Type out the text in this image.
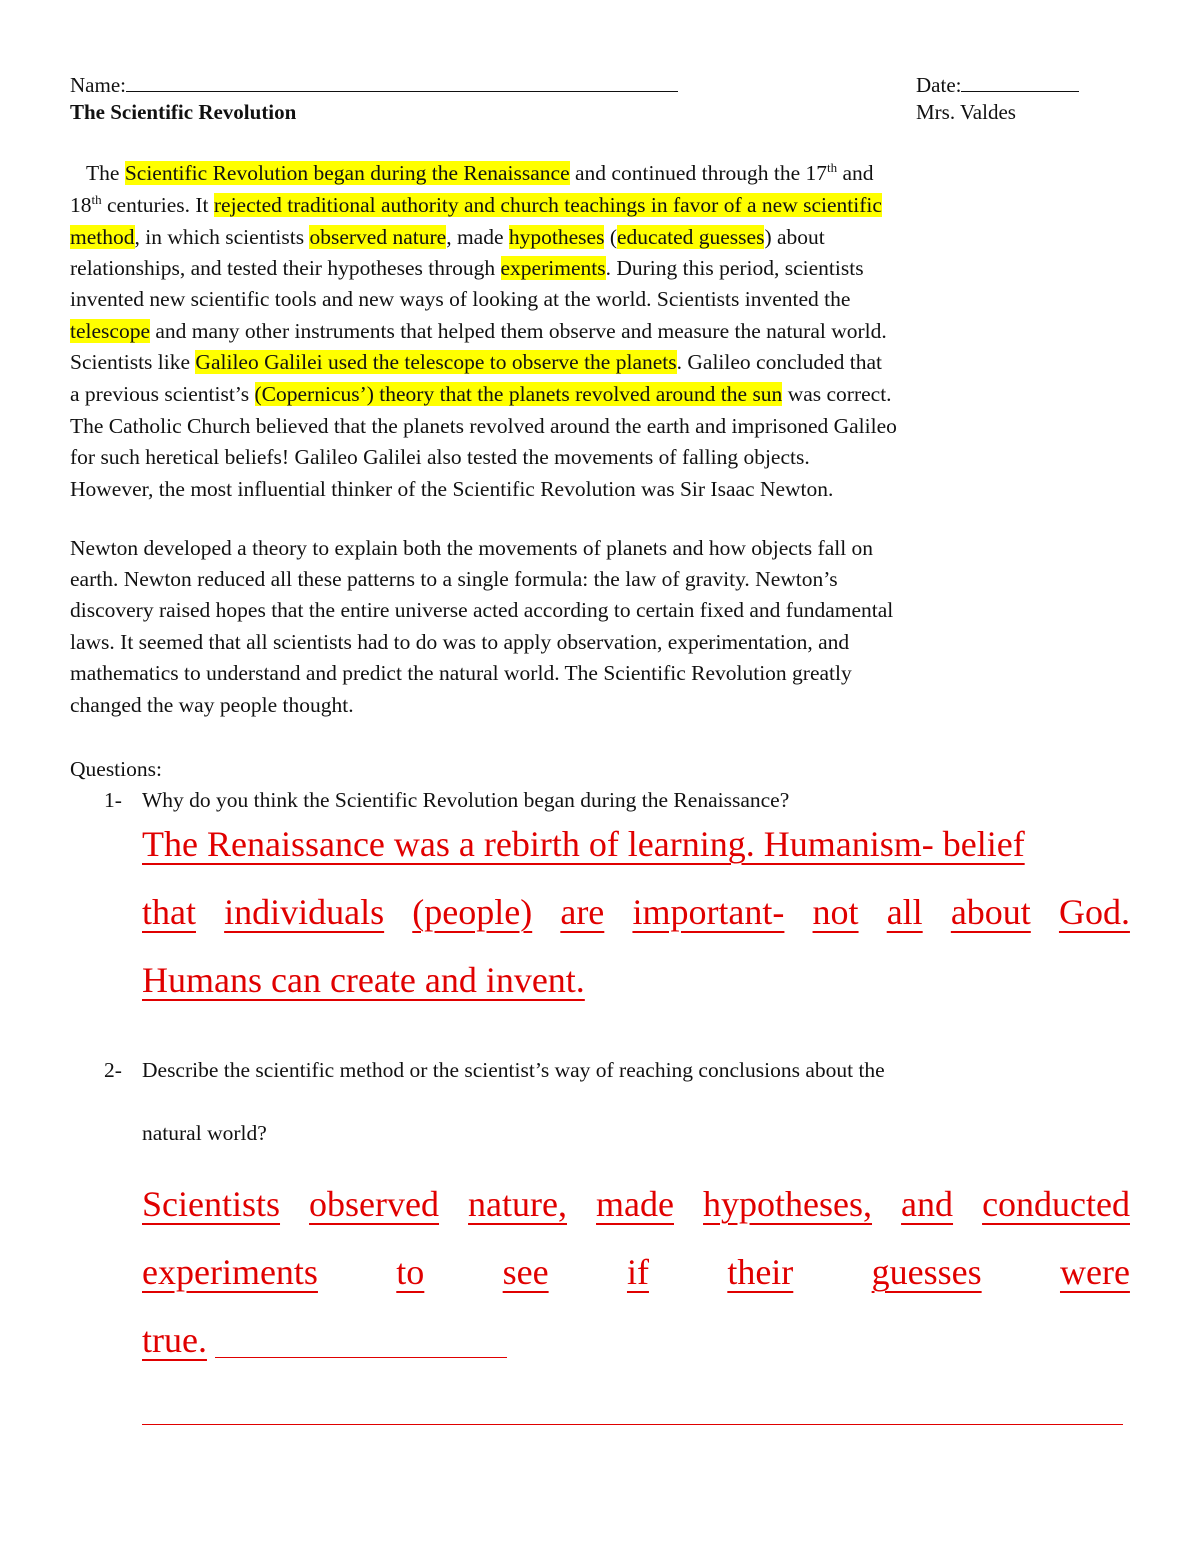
Name:	Date:
The Scientific Revolution	Mrs. Valdes
The Scientific Revolution began during the Renaissance and continued through the 17th and
18th centuries. It rejected traditional authority and church teachings in favor of a new scientific
method, in which scientists observed nature, made hypotheses (educated guesses) about
relationships, and tested their hypotheses through experiments. During this period, scientists
invented new scientific tools and new ways of looking at the world. Scientists invented the
telescope and many other instruments that helped them observe and measure the natural world.
Scientists like Galileo Galilei used the telescope to observe the planets. Galileo concluded that
a previous scientist’s (Copernicus’) theory that the planets revolved around the sun was correct.
The Catholic Church believed that the planets revolved around the earth and imprisoned Galileo
for such heretical beliefs! Galileo Galilei also tested the movements of falling objects.
However, the most influential thinker of the Scientific Revolution was Sir Isaac Newton.
Newton developed a theory to explain both the movements of planets and how objects fall on
earth. Newton reduced all these patterns to a single formula: the law of gravity. Newton’s
discovery raised hopes that the entire universe acted according to certain fixed and fundamental
laws. It seemed that all scientists had to do was to apply observation, experimentation, and
mathematics to understand and predict the natural world. The Scientific Revolution greatly
changed the way people thought.
Questions:
1- Why do you think the Scientific Revolution began during the Renaissance?
The Renaissance was a rebirth of learning. Humanism- belief
that individuals (people) are important- not all about God.
Humans can create and invent.
2- Describe the scientific method or the scientist’s way of reaching conclusions about the
natural world?
Scientists observed nature, made hypotheses, and conducted
experiments to see if their guesses were
true.
